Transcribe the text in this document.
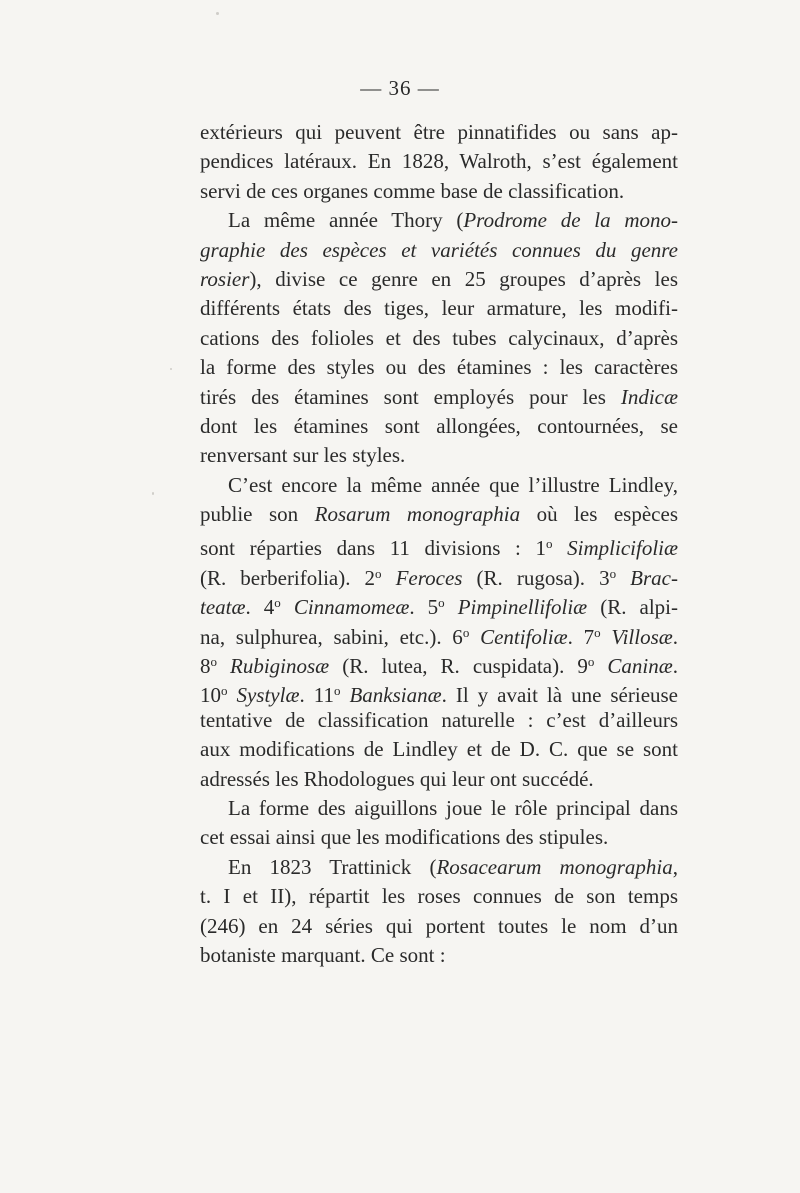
— 36 —
extérieurs qui peuvent être pinnatifides ou sans ap-
pendices latéraux. En 1828, Walroth, s’est également
servi de ces organes comme base de classification.
La même année Thory (Prodrome de la mono-
graphie des espèces et variétés connues du genre
rosier), divise ce genre en 25 groupes d’après les
différents états des tiges, leur armature, les modifi-
cations des folioles et des tubes calycinaux, d’après
la forme des styles ou des étamines : les caractères
tirés des étamines sont employés pour les Indicæ
dont les étamines sont allongées, contournées, se
renversant sur les styles.
C’est encore la même année que l’illustre Lindley,
publie son Rosarum monographia où les espèces
sont réparties dans 11 divisions : 1$^o$ Simplicifoliæ
(R. berberifolia). 2$^o$ Feroces (R. rugosa). 3$^o$ Brac-
teatæ. 4$^o$ Cinnamomeæ. 5$^o$ Pimpinellifoliæ (R. alpi-
na, sulphurea, sabini, etc.). 6$^o$ Centifoliæ. 7$^o$ Villosæ.
8$^o$ Rubiginosæ (R. lutea, R. cuspidata). 9$^o$ Caninæ.
10$^o$ Systylæ. 11$^o$ Banksianæ. Il y avait là une sérieuse
tentative de classification naturelle : c’est d’ailleurs
aux modifications de Lindley et de D. C. que se sont
adressés les Rhodologues qui leur ont succédé.
La forme des aiguillons joue le rôle principal dans
cet essai ainsi que les modifications des stipules.
En 1823 Trattinick (Rosacearum monographia,
t. I et II), répartit les roses connues de son temps
(246) en 24 séries qui portent toutes le nom d’un
botaniste marquant. Ce sont :
